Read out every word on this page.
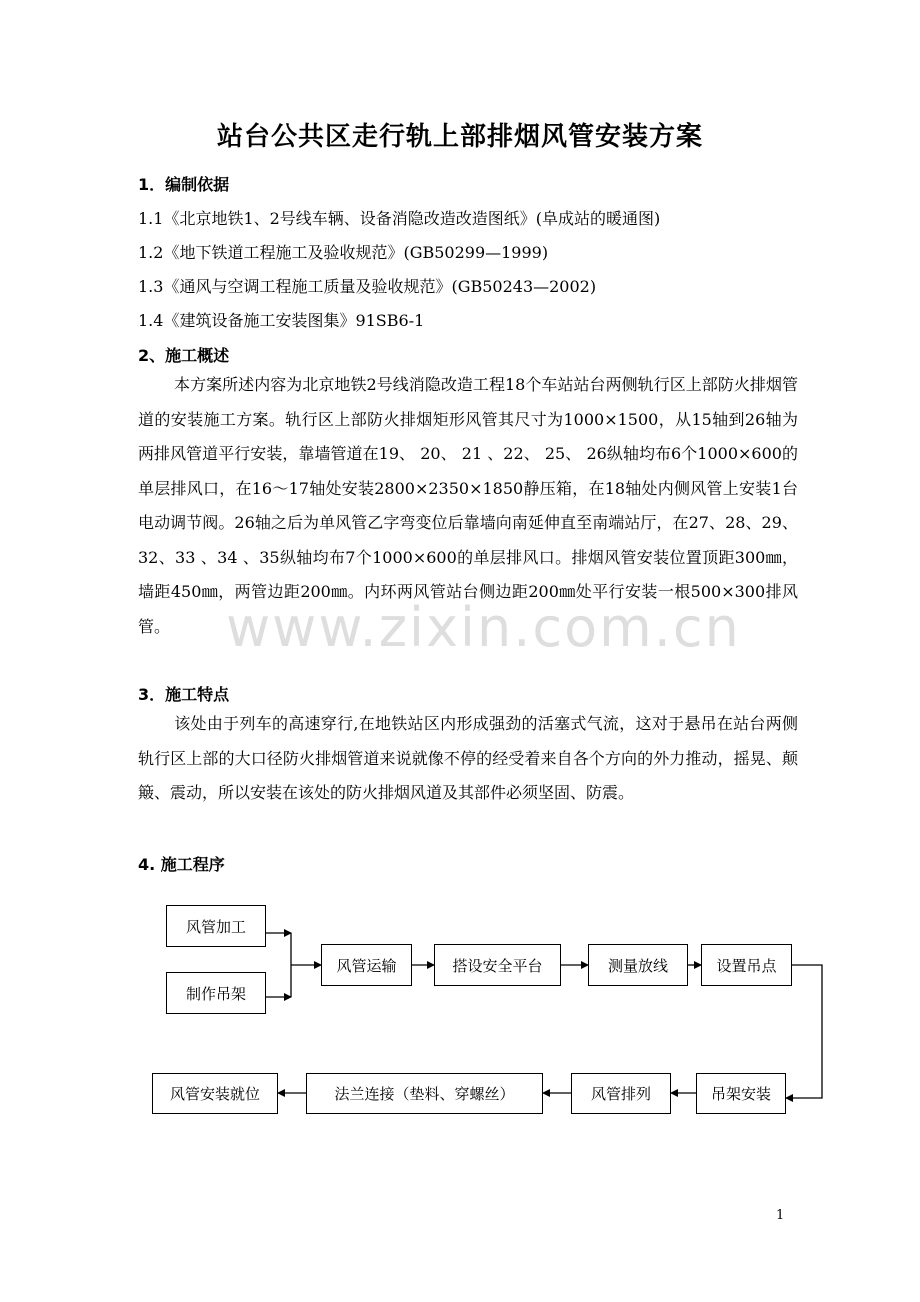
站台公共区走行轨上部排烟风管安装方案
1．编制依据
1.1《北京地铁1、2号线车辆、设备消隐改造改造图纸》(阜成站的暖通图)
1.2《地下铁道工程施工及验收规范》(GB50299—1999)
1.3《通风与空调工程施工质量及验收规范》(GB50243—2002)
1.4《建筑设备施工安装图集》91SB6-1
2、施工概述
本方案所述内容为北京地铁2号线消隐改造工程18个车站站台两侧轨行区上部防火排烟管道的安装施工方案。轨行区上部防火排烟矩形风管其尺寸为1000×1500，从15轴到26轴为两排风管道平行安装，靠墙管道在19、 20、 21 、22、 25、 26纵轴均布6个1000×600的单层排风口，在16～17轴处安装2800×2350×1850静压箱，在18轴处内侧风管上安装1台电动调节阀。26轴之后为单风管乙字弯变位后靠墙向南延伸直至南端站厅，在27、28、29、32、33 、34 、35纵轴均布7个1000×600的单层排风口。排烟风管安装位置顶距300㎜，墙距450㎜，两管边距200㎜。内环两风管站台侧边距200㎜处平行安装一根500×300排风管。
3．施工特点
该处由于列车的高速穿行,在地铁站区内形成强劲的活塞式气流，这对于悬吊在站台两侧轨行区上部的大口径防火排烟管道来说就像不停的经受着来自各个方向的外力推动，摇晃、颠簸、震动，所以安装在该处的防火排烟风道及其部件必须坚固、防震。
4. 施工程序
www.zixin.com.cn
风管加工
制作吊架
风管运输	搭设安全平台	测量放线	设置吊点
吊架安装
风管排列
法兰连接（垫料、穿螺丝）
风管安装就位
1
